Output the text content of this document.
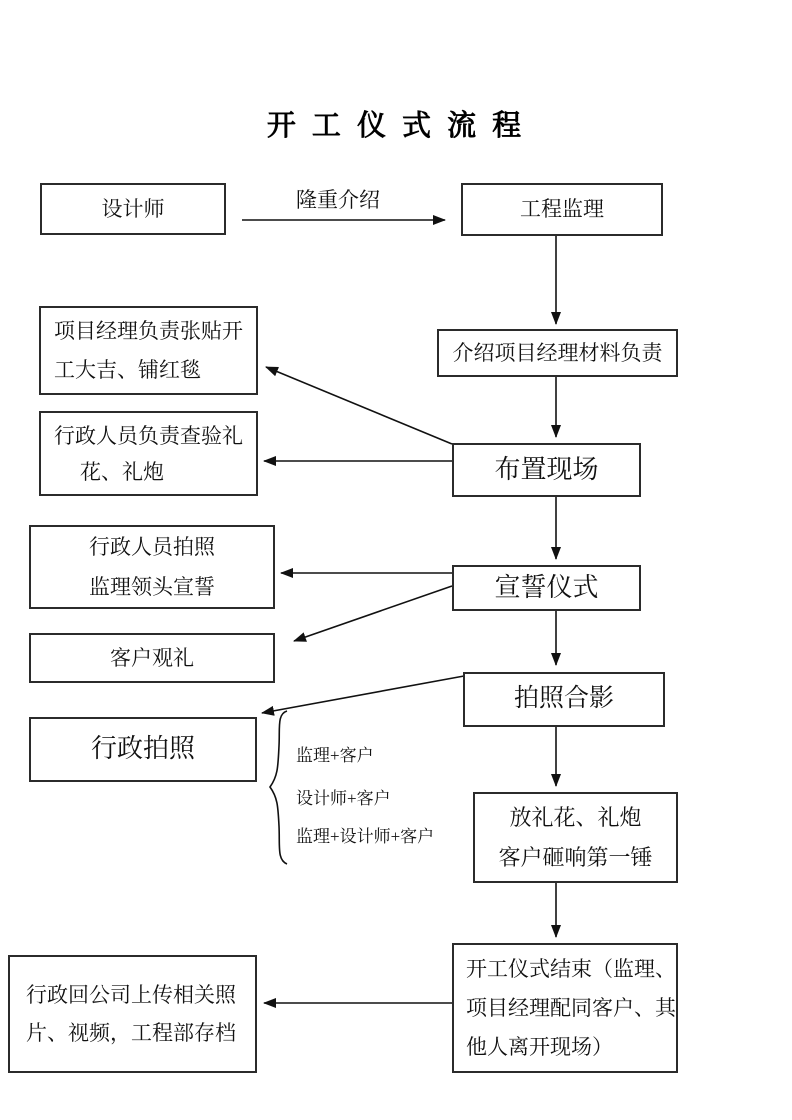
开 工 仪 式 流 程
隆重介绍
设计师	工程监理
介绍项目经理材料负责
项目经理负责张贴开
工大吉、铺红毯
行政人员负责查验礼
花、礼炮	布置现场
行政人员拍照
监理领头宣誓
客户观礼
宣誓仪式
拍照合影
行政拍照	监理+客户
设计师+客户
监理+设计师+客户
放礼花、礼炮
客户砸响第一锤
开工仪式结束（监理、
项目经理配同客户、其
他人离开现场）
行政回公司上传相关照
片、视频，工程部存档
